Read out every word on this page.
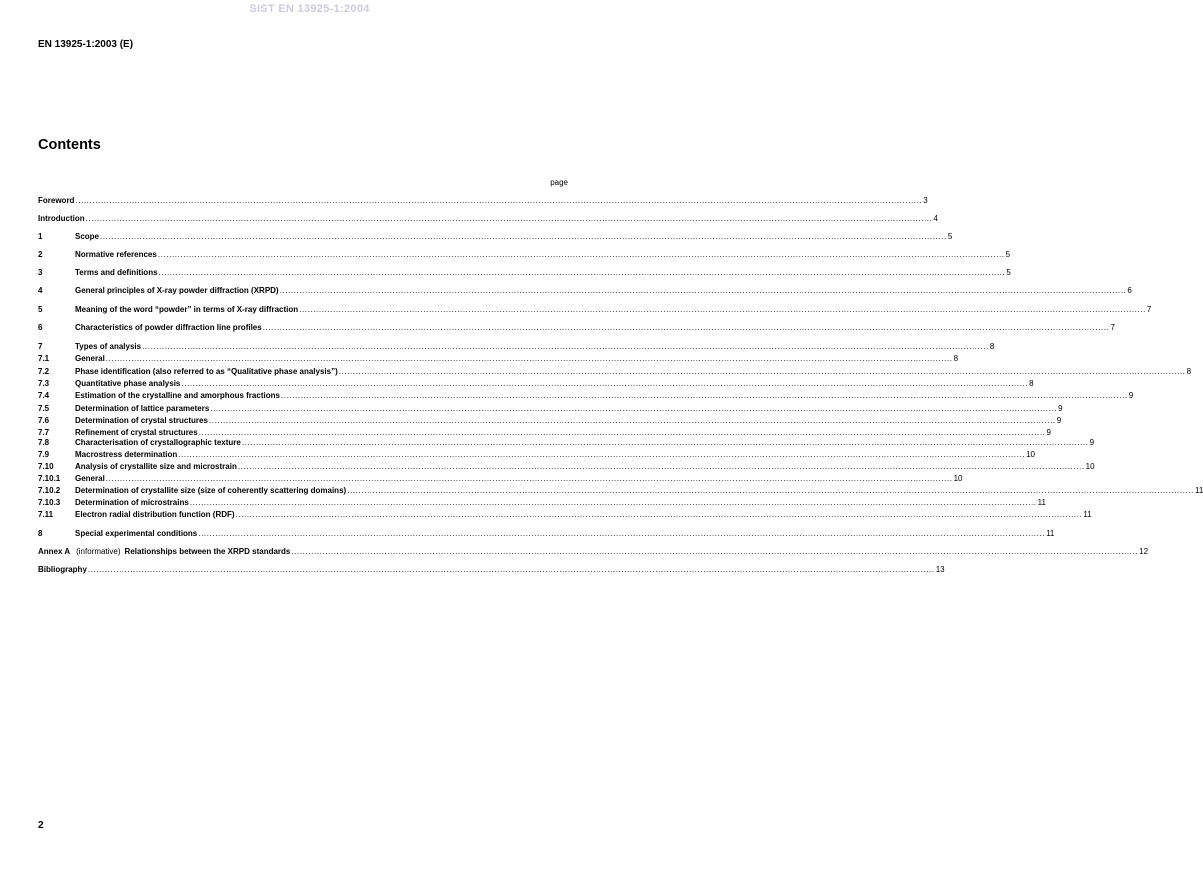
SIST EN 13925-1:2004
EN 13925-1:2003 (E)
Contents
page
Foreword ............................................................................................................................................................................................................................................................................................................ 3
Introduction ............................................................................................................................................................................................................................................................................................................ 4
1	Scope ............................................................................................................................................................................................................................................................................................................ 5
2	Normative references ............................................................................................................................................................................................................................................................................................................ 5
3	Terms and definitions ............................................................................................................................................................................................................................................................................................................ 5
4	General principles of X-ray powder diffraction (XRPD) ............................................................................................................................................................................................................................................................................................................ 6
5	Meaning of the word “powder” in terms of X-ray diffraction ............................................................................................................................................................................................................................................................................................................ 7
6	Characteristics of powder diffraction line profiles ............................................................................................................................................................................................................................................................................................................ 7
7	Types of analysis ............................................................................................................................................................................................................................................................................................................ 8
7.1	General ............................................................................................................................................................................................................................................................................................................ 8
7.2	Phase identification (also referred to as “Qualitative phase analysis”) ............................................................................................................................................................................................................................................................................................................ 8
7.3	Quantitative phase analysis ............................................................................................................................................................................................................................................................................................................ 8
7.4	Estimation of the crystalline and amorphous fractions ............................................................................................................................................................................................................................................................................................................ 9
7.5	Determination of lattice parameters ............................................................................................................................................................................................................................................................................................................ 9
7.6	Determination of crystal structures ............................................................................................................................................................................................................................................................................................................ 9
7.7	Refinement of crystal structures ............................................................................................................................................................................................................................................................................................................ 9
7.8	Characterisation of crystallographic texture ............................................................................................................................................................................................................................................................................................................ 9
7.9	Macrostress determination ............................................................................................................................................................................................................................................................................................................ 10
7.10	Analysis of crystallite size and microstrain ............................................................................................................................................................................................................................................................................................................ 10
7.10.1 General ............................................................................................................................................................................................................................................................................................................ 10
7.10.2 Determination of crystallite size (size of coherently scattering domains) ............................................................................................................................................................................................................................................................................................................ 11
7.10.3 Determination of microstrains ............................................................................................................................................................................................................................................................................................................ 11
7.11	Electron radial distribution function (RDF) ............................................................................................................................................................................................................................................................................................................ 11
8	Special experimental conditions ............................................................................................................................................................................................................................................................................................................ 11
Annex A (informative) Relationships between the XRPD standards ............................................................................................................................................................................................................................................................................................................ 12
Bibliography ............................................................................................................................................................................................................................................................................................................ 13
2
